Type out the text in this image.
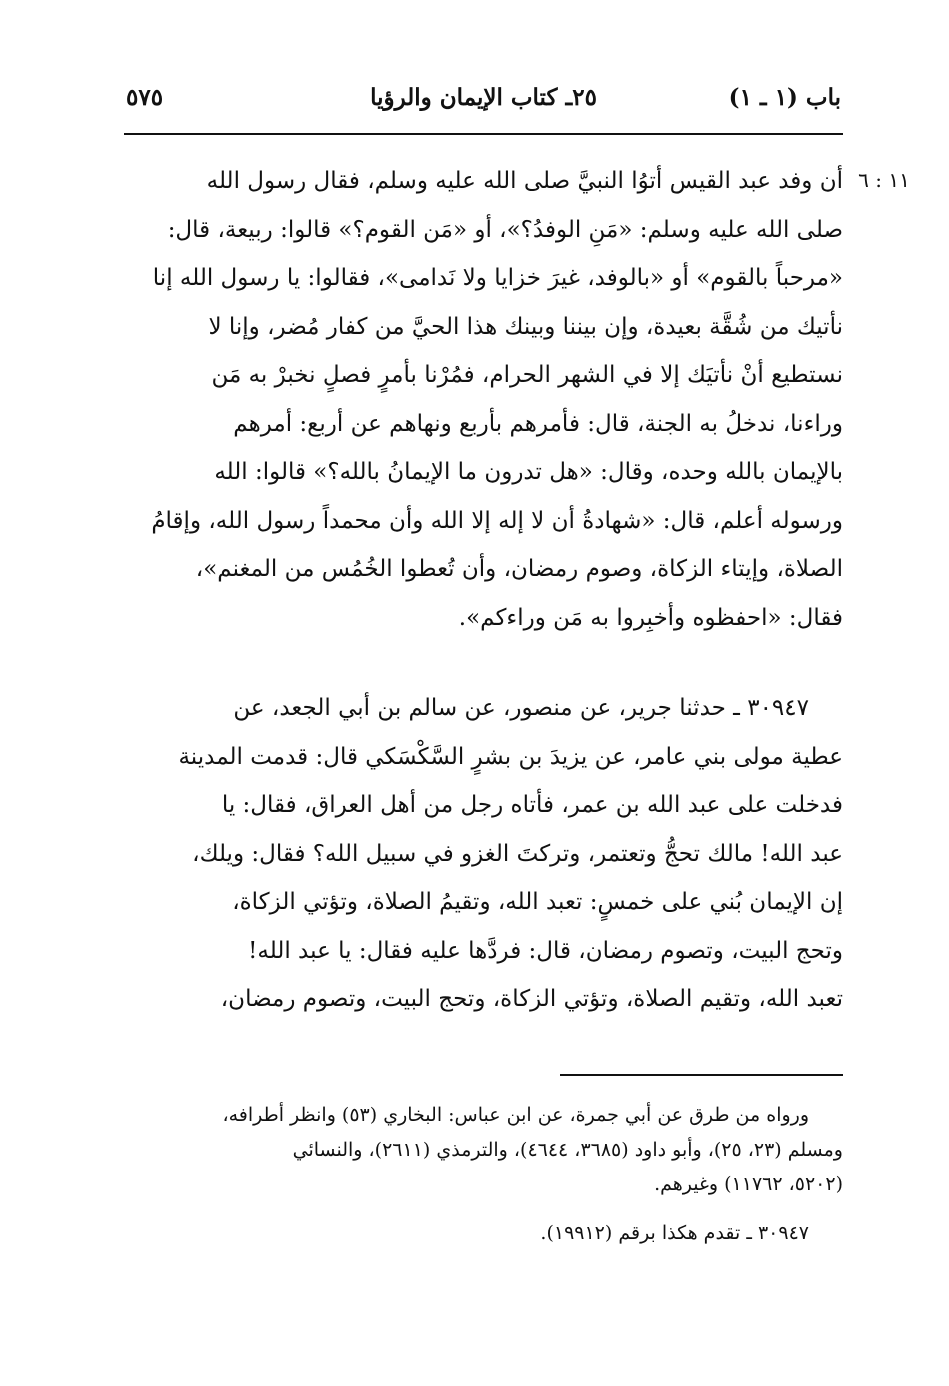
باب (١ ـ ١)
٢٥ـ كتاب الإيمان والرؤيا
٥٧٥
١١ : ٦
أن وفد عبد القيس أتوُا النبيَّ صلى الله عليه وسلم، فقال رسول الله
صلى الله عليه وسلم: «مَنِ الوفدُ؟»، أو «مَن القوم؟» قالوا: ربيعة، قال:
«مرحباً بالقوم» أو «بالوفد، غيرَ خزايا ولا نَدامى»، فقالوا: يا رسول الله إنا
نأتيك من شُقَّة بعيدة، وإن بيننا وبينك هذا الحيَّ من كفار مُضر، وإنا لا
نستطيع أنْ نأتيَك إلا في الشهر الحرام، فمُرْنا بأمرٍ فصلٍ نخبرْ به مَن
وراءنا، ندخلُ به الجنة، قال: فأمرهم بأربع ونهاهم عن أربع: أمرهم
بالإيمان بالله وحده، وقال: «هل تدرون ما الإيمانُ بالله؟» قالوا: الله
ورسوله أعلم، قال: «شهادةُ أن لا إله إلا الله وأن محمداً رسول الله، وإقامُ
الصلاة، وإيتاء الزكاة، وصوم رمضان، وأن تُعطوا الخُمُس من المغنم»،
فقال: «احفظوه وأخبِروا به مَن وراءكم».
٣٠٩٤٧ ـ حدثنا جرير، عن منصور، عن سالم بن أبي الجعد، عن
عطية مولى بني عامر، عن يزيدَ بن بشرٍ السَّكْسَكي قال: قدمت المدينة
فدخلت على عبد الله بن عمر، فأتاه رجل من أهل العراق، فقال: يا
عبد الله! مالك تحجُّ وتعتمر، وتركتَ الغزو في سبيل الله؟ فقال: ويلك،
إن الإيمان بُني على خمسٍ: تعبد الله، وتقيمُ الصلاة، وتؤتي الزكاة،
وتحج البيت، وتصوم رمضان، قال: فردَّها عليه فقال: يا عبد الله!
تعبد الله، وتقيم الصلاة، وتؤتي الزكاة، وتحج البيت، وتصوم رمضان،
ورواه من طرق عن أبي جمرة، عن ابن عباس: البخاري (٥٣) وانظر أطرافه،
ومسلم (٢٣، ٢٥)، وأبو داود (٣٦٨٥، ٤٦٤٤)، والترمذي (٢٦١١)، والنسائي
(٥٢٠٢، ١١٧٦٢) وغيرهم.
٣٠٩٤٧ ـ تقدم هكذا برقم (١٩٩١٢).
